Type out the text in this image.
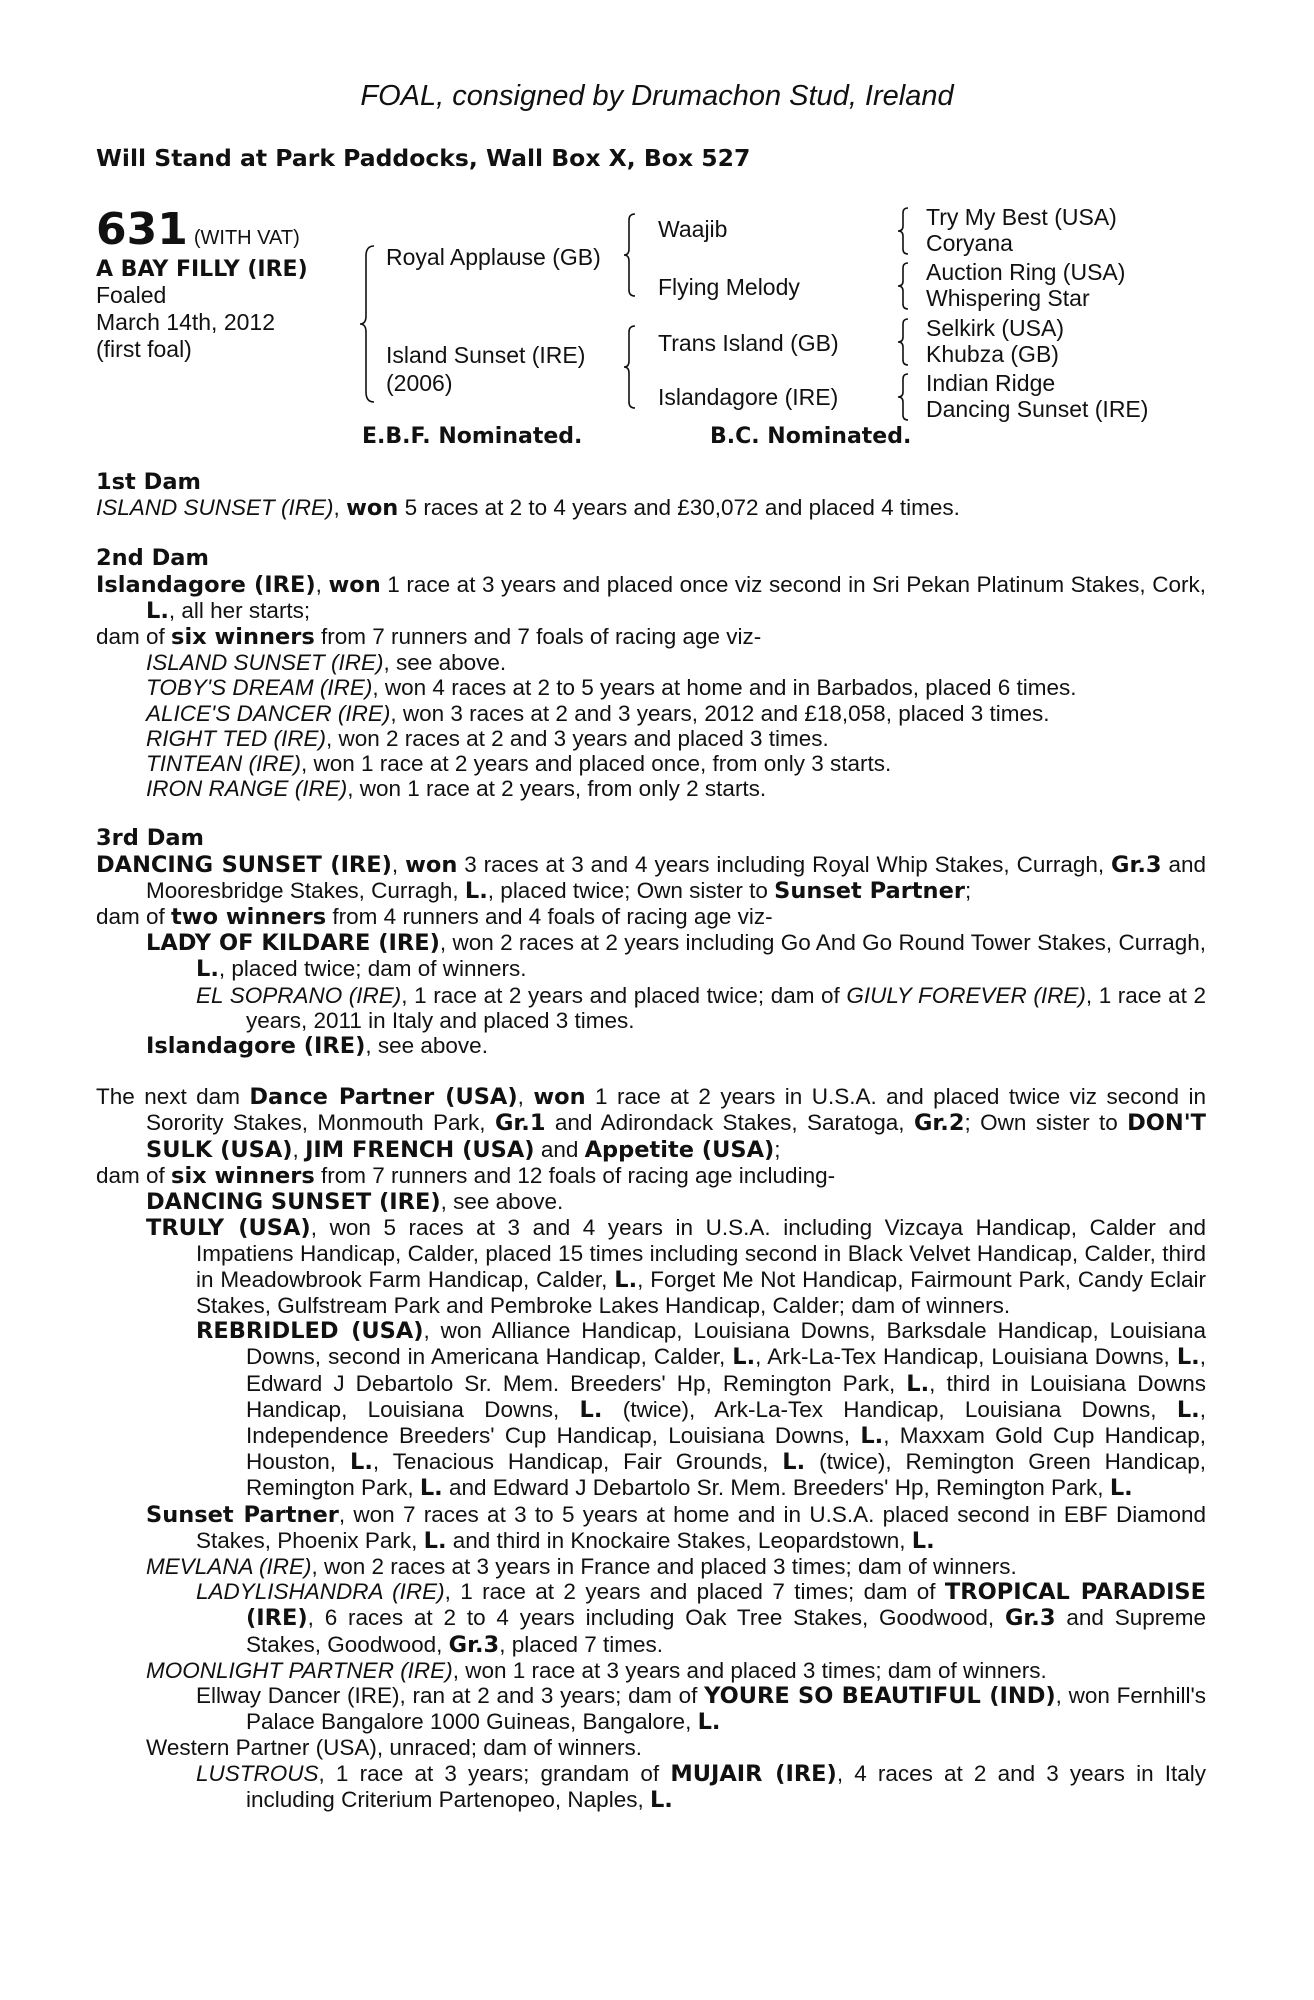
FOAL, consigned by Drumachon Stud, Ireland
Will Stand at Park Paddocks, Wall Box X, Box 527
631 (WITH VAT)
A BAY FILLY (IRE)
Foaled
March 14th, 2012
(first foal)
Royal Applause (GB)
Island Sunset (IRE)
(2006)
Waajib
Flying Melody
Trans Island (GB)
Islandagore (IRE)
Try My Best (USA)
Coryana
Auction Ring (USA)
Whispering Star
Selkirk (USA)
Khubza (GB)
Indian Ridge
Dancing Sunset (IRE)
E.B.F. Nominated.	B.C. Nominated.

1st Dam

ISLAND SUNSET (IRE), won 5 races at 2 to 4 years and £30,072 and placed 4 times.

2nd Dam

Islandagore (IRE), won 1 race at 3 years and placed once viz second in Sri Pekan Platinum Stakes, Cork, L., all her starts;

dam of six winners from 7 runners and 7 foals of racing age viz-

ISLAND SUNSET (IRE), see above.

TOBY'S DREAM (IRE), won 4 races at 2 to 5 years at home and in Barbados, placed 6 times.

ALICE'S DANCER (IRE), won 3 races at 2 and 3 years, 2012 and £18,058, placed 3 times.

RIGHT TED (IRE), won 2 races at 2 and 3 years and placed 3 times.

TINTEAN (IRE), won 1 race at 2 years and placed once, from only 3 starts.

IRON RANGE (IRE), won 1 race at 2 years, from only 2 starts.

3rd Dam

DANCING SUNSET (IRE), won 3 races at 3 and 4 years including Royal Whip Stakes, Curragh, Gr.3 and Mooresbridge Stakes, Curragh, L., placed twice; Own sister to Sunset Partner;

dam of two winners from 4 runners and 4 foals of racing age viz-

LADY OF KILDARE (IRE), won 2 races at 2 years including Go And Go Round Tower Stakes, Curragh, L., placed twice; dam of winners.

EL SOPRANO (IRE), 1 race at 2 years and placed twice; dam of GIULY FOREVER (IRE), 1 race at 2 years, 2011 in Italy and placed 3 times.

Islandagore (IRE), see above.

The next dam Dance Partner (USA), won 1 race at 2 years in U.S.A. and placed twice viz second in Sorority Stakes, Monmouth Park, Gr.1 and Adirondack Stakes, Saratoga, Gr.2; Own sister to DON'T SULK (USA), JIM FRENCH (USA) and Appetite (USA);

dam of six winners from 7 runners and 12 foals of racing age including-

DANCING SUNSET (IRE), see above.

TRULY (USA), won 5 races at 3 and 4 years in U.S.A. including Vizcaya Handicap, Calder and Impatiens Handicap, Calder, placed 15 times including second in Black Velvet Handicap, Calder, third in Meadowbrook Farm Handicap, Calder, L., Forget Me Not Handicap, Fairmount Park, Candy Eclair Stakes, Gulfstream Park and Pembroke Lakes Handicap, Calder; dam of winners.

REBRIDLED (USA), won Alliance Handicap, Louisiana Downs, Barksdale Handicap, Louisiana Downs, second in Americana Handicap, Calder, L., Ark-La-Tex Handicap, Louisiana Downs, L., Edward J Debartolo Sr. Mem. Breeders' Hp, Remington Park, L., third in Louisiana Downs Handicap, Louisiana Downs, L. (twice), Ark-La-Tex Handicap, Louisiana Downs, L., Independence Breeders' Cup Handicap, Louisiana Downs, L., Maxxam Gold Cup Handicap, Houston, L., Tenacious Handicap, Fair Grounds, L. (twice), Remington Green Handicap, Remington Park, L. and Edward J Debartolo Sr. Mem. Breeders' Hp, Remington Park, L.

Sunset Partner, won 7 races at 3 to 5 years at home and in U.S.A. placed second in EBF Diamond Stakes, Phoenix Park, L. and third in Knockaire Stakes, Leopardstown, L.

MEVLANA (IRE), won 2 races at 3 years in France and placed 3 times; dam of winners.

LADYLISHANDRA (IRE), 1 race at 2 years and placed 7 times; dam of TROPICAL PARADISE (IRE), 6 races at 2 to 4 years including Oak Tree Stakes, Goodwood, Gr.3 and Supreme Stakes, Goodwood, Gr.3, placed 7 times.

MOONLIGHT PARTNER (IRE), won 1 race at 3 years and placed 3 times; dam of winners.

Ellway Dancer (IRE), ran at 2 and 3 years; dam of YOURE SO BEAUTIFUL (IND), won Fernhill's Palace Bangalore 1000 Guineas, Bangalore, L.

Western Partner (USA), unraced; dam of winners.

LUSTROUS, 1 race at 3 years; grandam of MUJAIR (IRE), 4 races at 2 and 3 years in Italy including Criterium Partenopeo, Naples, L.
